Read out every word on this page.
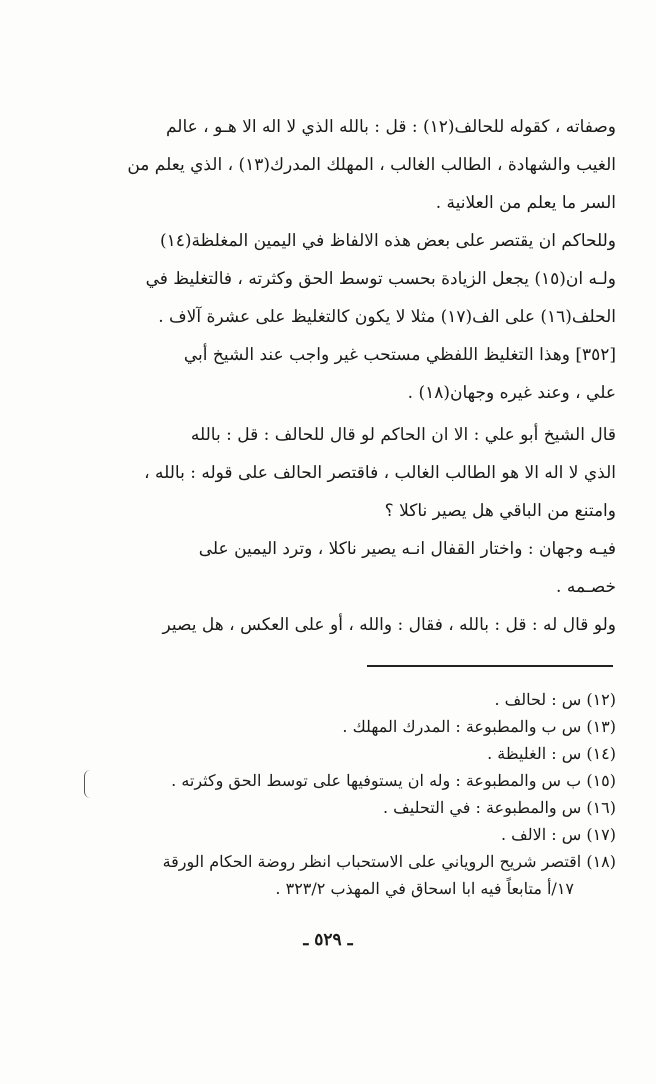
وصفاته ، كقوله للحالف(١٢) : قل : بالله الذي لا اله الا هـو ، عالم
الغيب والشهادة ، الطالب الغالب ، المهلك المدرك(١٣) ، الذي يعلم من
السر ما يعلم من العلانية .
وللحاكم ان يقتصر على بعض هذه الالفاظ في اليمين المغلظة(١٤)
ولـه ان(١٥) يجعل الزيادة بحسب توسط الحق وكثرته ، فالتغليظ في
الحلف(١٦) على الف(١٧) مثلا لا يكون كالتغليظ على عشرة آلاف .
[٣٥٢] وهذا التغليظ اللفظي مستحب غير واجب عند الشيخ أبي
علي ، وعند غيره وجهان(١٨) .
قال الشيخ أبو علي : الا ان الحاكم لو قال للحالف : قل : بالله
الذي لا اله الا هو الطالب الغالب ، فاقتصر الحالف على قوله : بالله ،
وامتنع من الباقي هل يصير ناكلا ؟
فيـه وجهان : واختار القفال انـه يصير ناكلا ، وترد اليمين على
خصـمه .
ولو قال له : قل : بالله ، فقال : والله ، أو على العكس ، هل يصير
(١٢) س : لحالف .
(١٣) س ب والمطبوعة : المدرك المهلك .
(١٤) س : الغليظة .
(١٥) ب س والمطبوعة : وله ان يستوفيها على توسط الحق وكثرته .
(١٦) س والمطبوعة : في التحليف .
(١٧) س : الالف .
(١٨) اقتصر شريح الروياني على الاستحباب انظر روضة الحكام الورقة
١٧/أ متابعاً فيه ابا اسحاق في المهذب ٣٢٣/٢ .
ـ ٥٢٩ ـ
